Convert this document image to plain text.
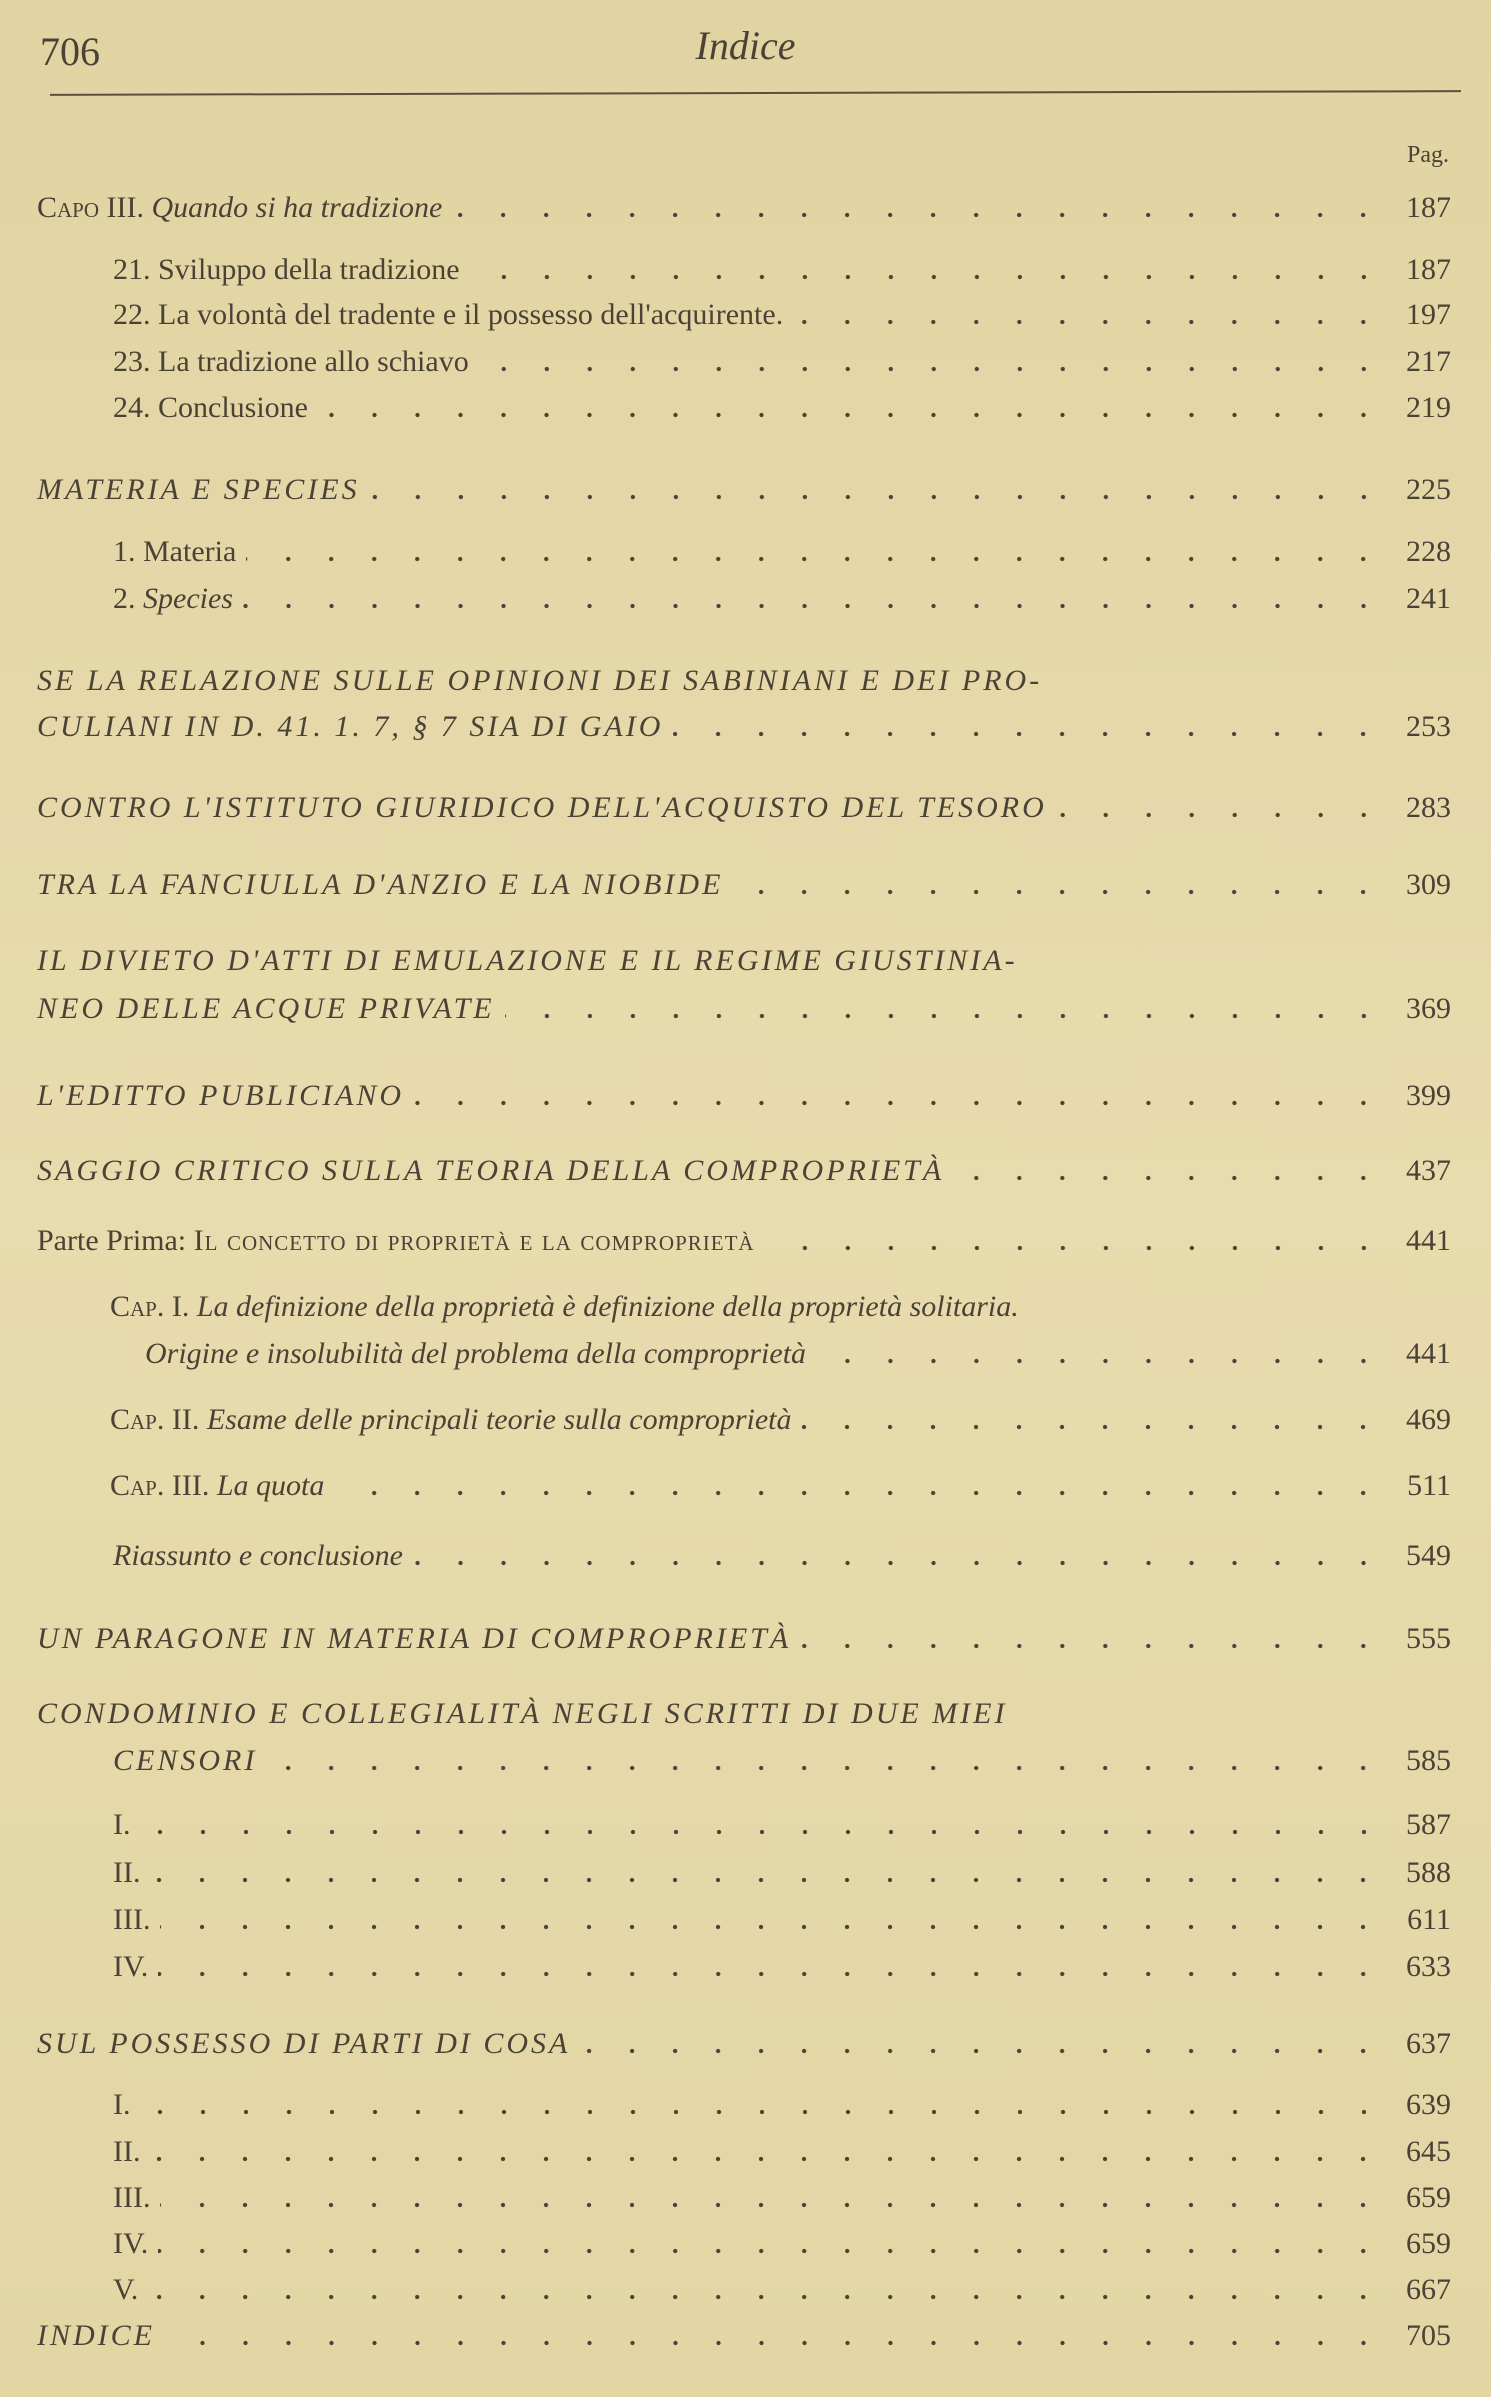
706	Indice
Pag.
Capo III. Quando si ha tradizione	187
21. Sviluppo della tradizione	187
22. La volontà del tradente e il possesso dell'acquirente.	197
23. La tradizione allo schiavo	217
24. Conclusione	219
MATERIA E SPECIES	225
1. Materia	228
2. Species	241
SE LA RELAZIONE SULLE OPINIONI DEI SABINIANI E DEI PRO-
CULIANI IN D. 41. 1. 7, § 7 SIA DI GAIO	253
CONTRO L'ISTITUTO GIURIDICO DELL'ACQUISTO DEL TESORO	283
TRA LA FANCIULLA D'ANZIO E LA NIOBIDE	309
IL DIVIETO D'ATTI DI EMULAZIONE E IL REGIME GIUSTINIA-
NEO DELLE ACQUE PRIVATE	369
L'EDITTO PUBLICIANO	399
SAGGIO CRITICO SULLA TEORIA DELLA COMPROPRIETÀ	437
Parte Prima: Il concetto di proprietà e la comproprietà	441
Cap. I. La definizione della proprietà è definizione della proprietà solitaria.
Origine e insolubilità del problema della comproprietà	441
Cap. II. Esame delle principali teorie sulla comproprietà	469
Cap. III. La quota	511
Riassunto e conclusione	549
UN PARAGONE IN MATERIA DI COMPROPRIETÀ	555
CONDOMINIO E COLLEGIALITÀ NEGLI SCRITTI DI DUE MIEI
CENSORI	585
I.	587
II.	588
III.	611
IV.	633
SUL POSSESSO DI PARTI DI COSA	637
I.	639
II.	645
III.	659
IV.	659
V.	667
INDICE	705
